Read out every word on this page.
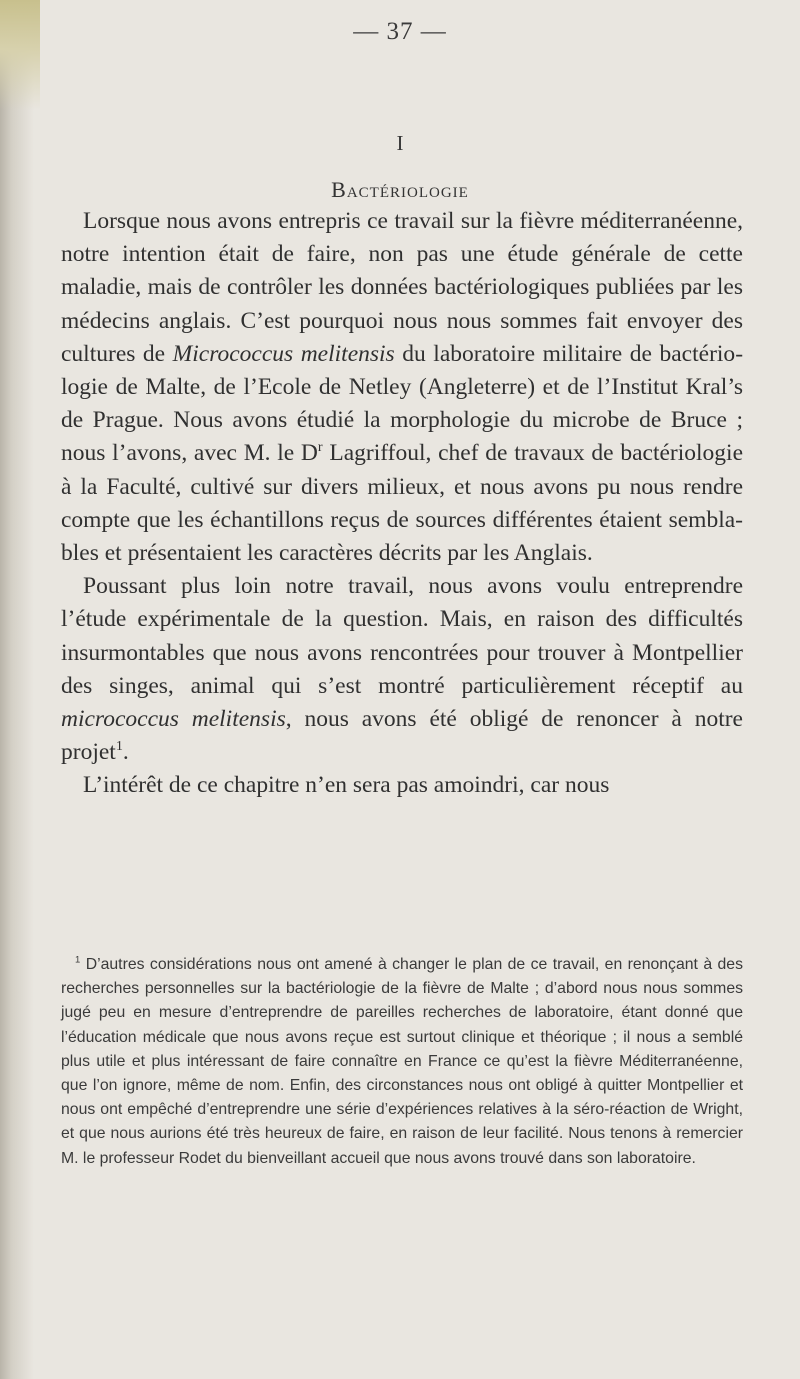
— 37 —
I
Bactériologie

Lorsque nous avons entrepris ce travail sur la fièvre méditerranéenne, notre intention était de faire, non pas une étude générale de cette maladie, mais de contrôler les données bactériologiques publiées par les médecins anglais. C’est pourquoi nous nous sommes fait envoyer des cultures de Micrococcus melitensis du laboratoire militaire de bactériologie de Malte, de l’Ecole de Netley (Angleterre) et de l’Institut Kral’s de Prague. Nous avons étudié la morphologie du microbe de Bruce ; nous l’avons, avec M. le $D^r$ Lagriffoul, chef de travaux de bactériologie à la Faculté, cultivé sur divers milieux, et nous avons pu nous rendre compte que les échantillons reçus de sources différentes étaient semblables et présentaient les caractères décrits par les Anglais.

Poussant plus loin notre travail, nous avons voulu entreprendre l’étude expérimentale de la question. Mais, en raison des difficultés insurmontables que nous avons rencontrées pour trouver à Montpellier des singes, animal qui s’est montré particulièrement réceptif au micrococcus melitensis, nous avons été obligé de renoncer à notre projet$^1$.

L’intérêt de ce chapitre n’en sera pas amoindri, car nous

$^1$ D’autres considérations nous ont amené à changer le plan de ce travail, en renonçant à des recherches personnelles sur la bactériologie de la fièvre de Malte ; d’abord nous nous sommes jugé peu en mesure d’entreprendre de pareilles recherches de laboratoire, étant donné que l’éducation médicale que nous avons reçue est surtout clinique et théorique ; il nous a semblé plus utile et plus intéressant de faire connaître en France ce qu’est la fièvre Méditerranéenne, que l’on ignore, même de nom. Enfin, des circonstances nous ont obligé à quitter Montpellier et nous ont empêché d’entreprendre une série d’expériences relatives à la séro-réaction de Wright, et que nous aurions été très heureux de faire, en raison de leur facilité. Nous tenons à remercier M. le professeur Rodet du bienveillant accueil que nous avons trouvé dans son laboratoire.
